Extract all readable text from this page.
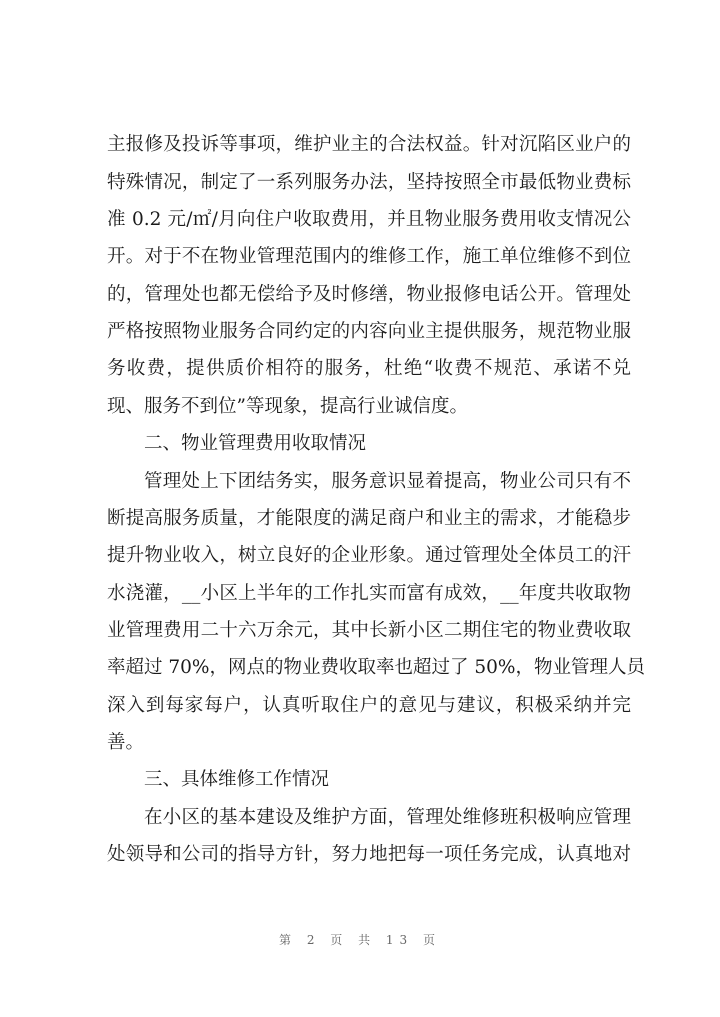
主报修及投诉等事项，维护业主的合法权益。针对沉陷区业户的
特殊情况，制定了一系列服务办法，坚持按照全市最低物业费标
准 0.2 元/㎡/月向住户收取费用，并且物业服务费用收支情况公
开。对于不在物业管理范围内的维修工作，施工单位维修不到位
的，管理处也都无偿给予及时修缮，物业报修电话公开。管理处
严格按照物业服务合同约定的内容向业主提供服务，规范物业服
务收费，提供质价相符的服务，杜绝“收费不规范、承诺不兑
现、服务不到位”等现象，提高行业诚信度。
二、物业管理费用收取情况
管理处上下团结务实，服务意识显着提高，物业公司只有不
断提高服务质量，才能限度的满足商户和业主的需求，才能稳步
提升物业收入，树立良好的企业形象。通过管理处全体员工的汗
水浇灌，__小区上半年的工作扎实而富有成效，__年度共收取物
业管理费用二十六万余元，其中长新小区二期住宅的物业费收取
率超过 70%，网点的物业费收取率也超过了 50%，物业管理人员
深入到每家每户，认真听取住户的意见与建议，积极采纳并完
善。
三、具体维修工作情况
在小区的基本建设及维护方面，管理处维修班积极响应管理
处领导和公司的指导方针，努力地把每一项任务完成，认真地对
第 2 页 共 13 页
